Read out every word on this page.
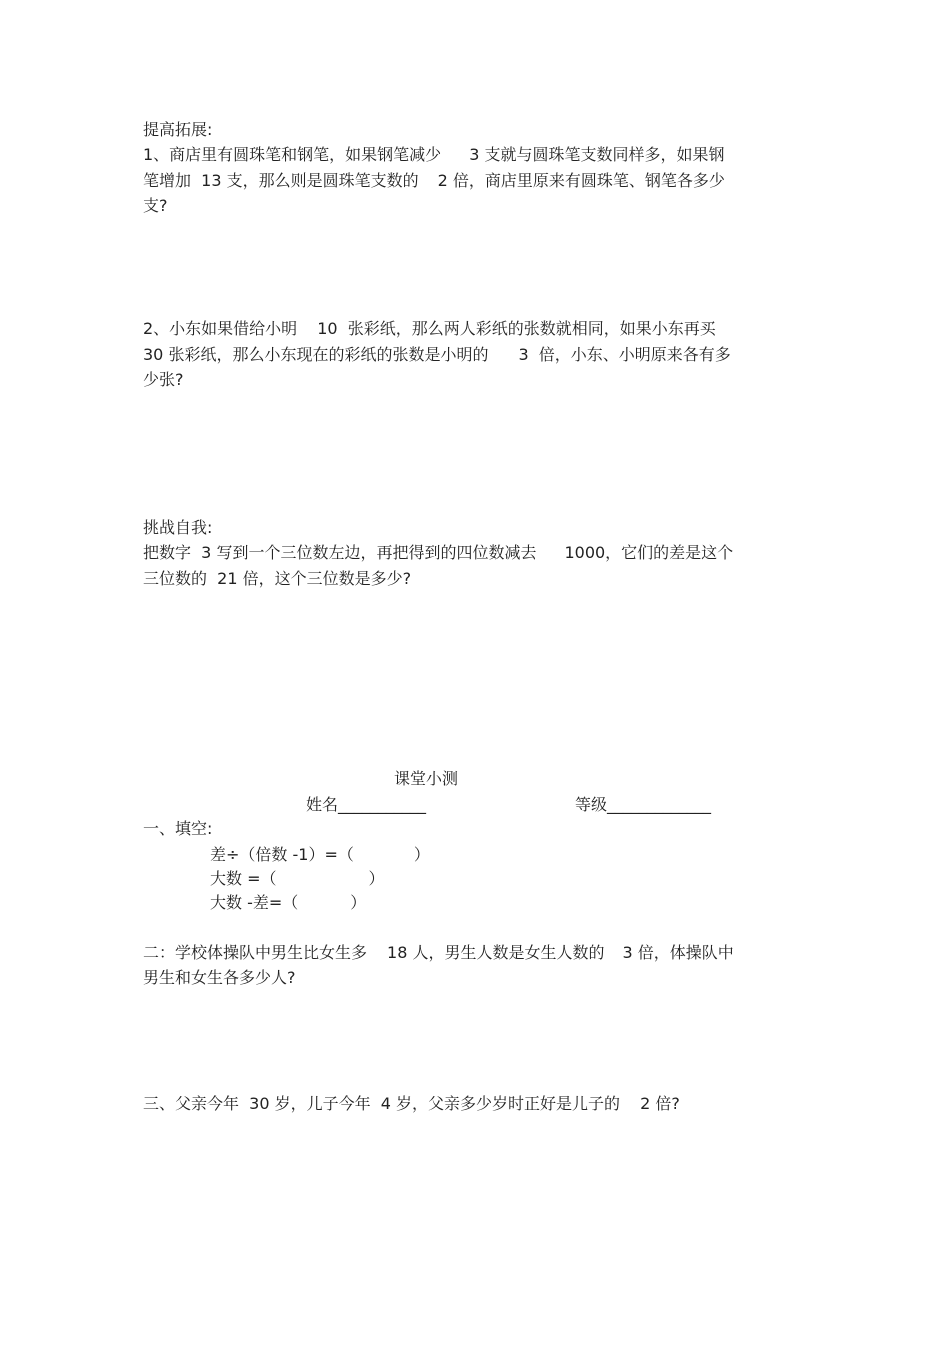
提高拓展:
1、商店里有圆珠笔和钢笔，如果钢笔减少 3 支就与圆珠笔支数同样多，如果钢
笔增加  13 支，那么则是圆珠笔支数的 2 倍，商店里原来有圆珠笔、钢笔各多少
支?
2、小东如果借给小明 10  张彩纸，那么两人彩纸的张数就相同，如果小东再买
30 张彩纸，那么小东现在的彩纸的张数是小明的 3  倍，小东、小明原来各有多
少张?
挑战自我:
把数字  3 写到一个三位数左边，再把得到的四位数减去 1000，它们的差是这个
三位数的  21 倍，这个三位数是多少?
课堂小测
姓名___________	等级_____________
一、填空:
差÷（倍数 -1）=（	）
大数 =（	）
大数 -差=（	）
二：学校体操队中男生比女生多 18 人，男生人数是女生人数的 3 倍，体操队中
男生和女生各多少人?
三、父亲今年  30 岁，儿子今年  4 岁，父亲多少岁时正好是儿子的 2 倍?
